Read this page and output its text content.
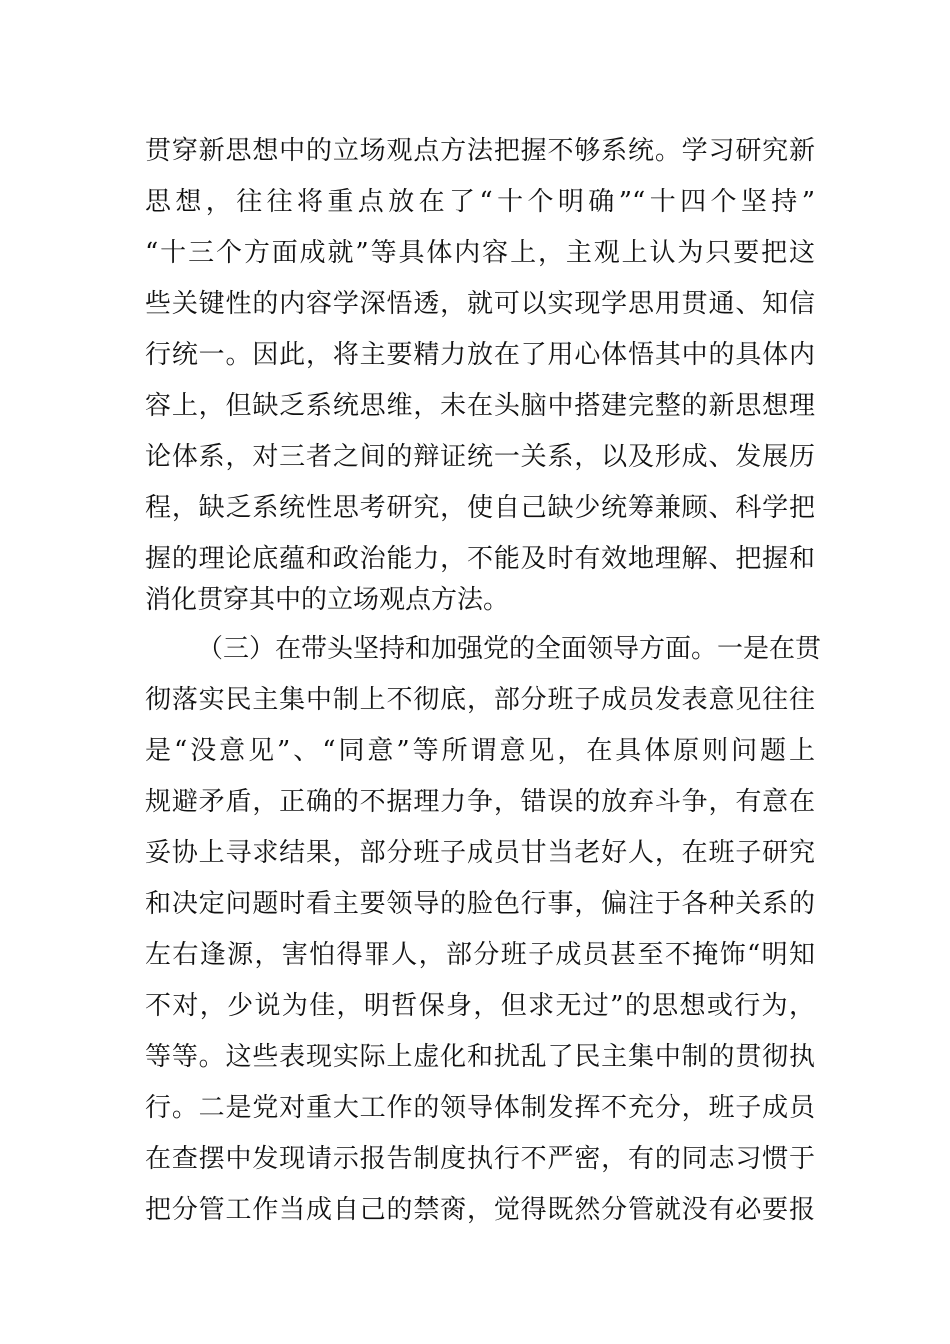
贯穿新思想中的立场观点方法把握不够系统。学习研究新
思想，往往将重点放在了“十个明确”“十四个坚持”
“十三个方面成就”等具体内容上，主观上认为只要把这
些关键性的内容学深悟透，就可以实现学思用贯通、知信
行统一。因此，将主要精力放在了用心体悟其中的具体内
容上，但缺乏系统思维，未在头脑中搭建完整的新思想理
论体系，对三者之间的辩证统一关系，以及形成、发展历
程，缺乏系统性思考研究，使自己缺少统筹兼顾、科学把
握的理论底蕴和政治能力，不能及时有效地理解、把握和
消化贯穿其中的立场观点方法。
（三）在带头坚持和加强党的全面领导方面。一是在贯
彻落实民主集中制上不彻底，部分班子成员发表意见往往
是“没意见”、“同意”等所谓意见，在具体原则问题上
规避矛盾，正确的不据理力争，错误的放弃斗争，有意在
妥协上寻求结果，部分班子成员甘当老好人，在班子研究
和决定问题时看主要领导的脸色行事，偏注于各种关系的
左右逢源，害怕得罪人，部分班子成员甚至不掩饰“明知
不对，少说为佳，明哲保身，但求无过”的思想或行为，
等等。这些表现实际上虚化和扰乱了民主集中制的贯彻执
行。二是党对重大工作的领导体制发挥不充分，班子成员
在查摆中发现请示报告制度执行不严密，有的同志习惯于
把分管工作当成自己的禁脔，觉得既然分管就没有必要报
